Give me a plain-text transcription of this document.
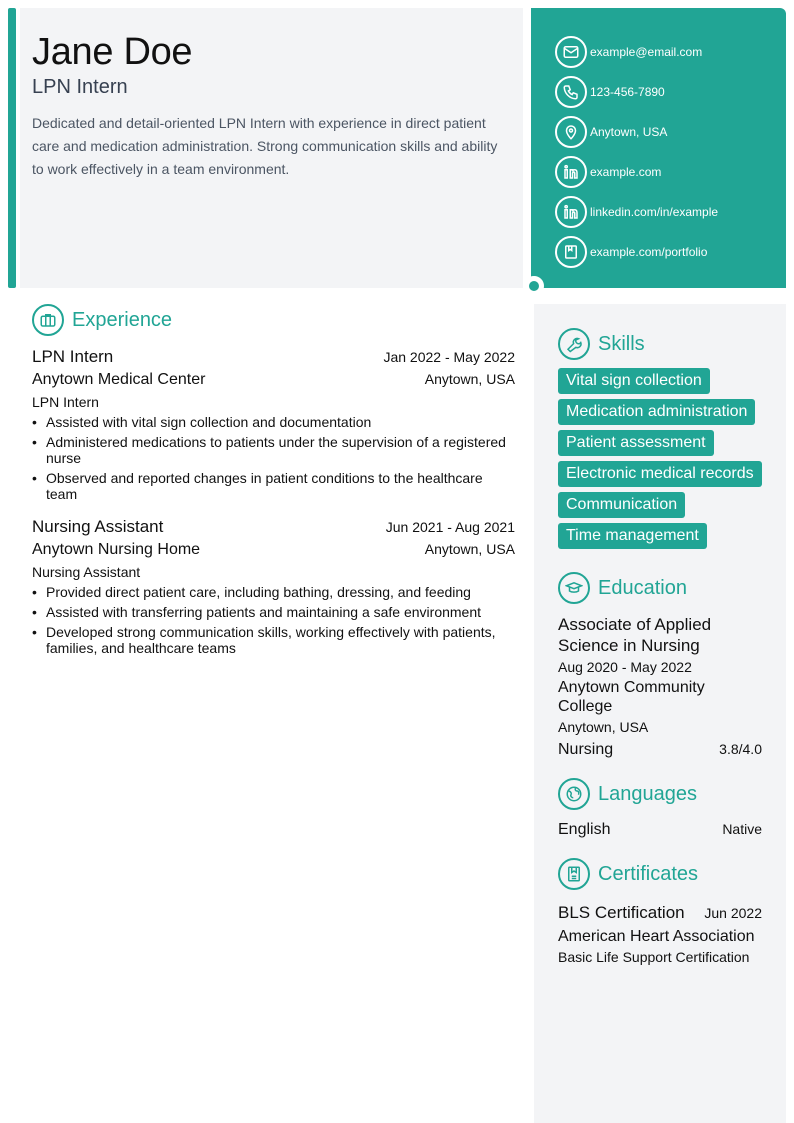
Jane Doe
LPN Intern
Dedicated and detail-oriented LPN Intern with experience in direct patient care and medication administration. Strong communication skills and ability to work effectively in a team environment.
example@email.com
123-456-7890
Anytown, USA
example.com
linkedin.com/in/example
example.com/portfolio
Experience
LPN Intern	Jan 2022 - May 2022
Anytown Medical Center	Anytown, USA
LPN Intern
• Assisted with vital sign collection and documentation
• Administered medications to patients under the supervision of a registered nurse
• Observed and reported changes in patient conditions to the healthcare team
Nursing Assistant	Jun 2021 - Aug 2021
Anytown Nursing Home	Anytown, USA
Nursing Assistant
• Provided direct patient care, including bathing, dressing, and feeding
• Assisted with transferring patients and maintaining a safe environment
• Developed strong communication skills, working effectively with patients, families, and healthcare teams
Skills
Vital sign collection
Medication administration
Patient assessment
Electronic medical records
Communication
Time management
Education
Associate of Applied Science in Nursing
Aug 2020 - May 2022
Anytown Community College
Anytown, USA
Nursing	3.8/4.0
Languages
English	Native
Certificates
BLS Certification Jun 2022
American Heart Association
Basic Life Support Certification
